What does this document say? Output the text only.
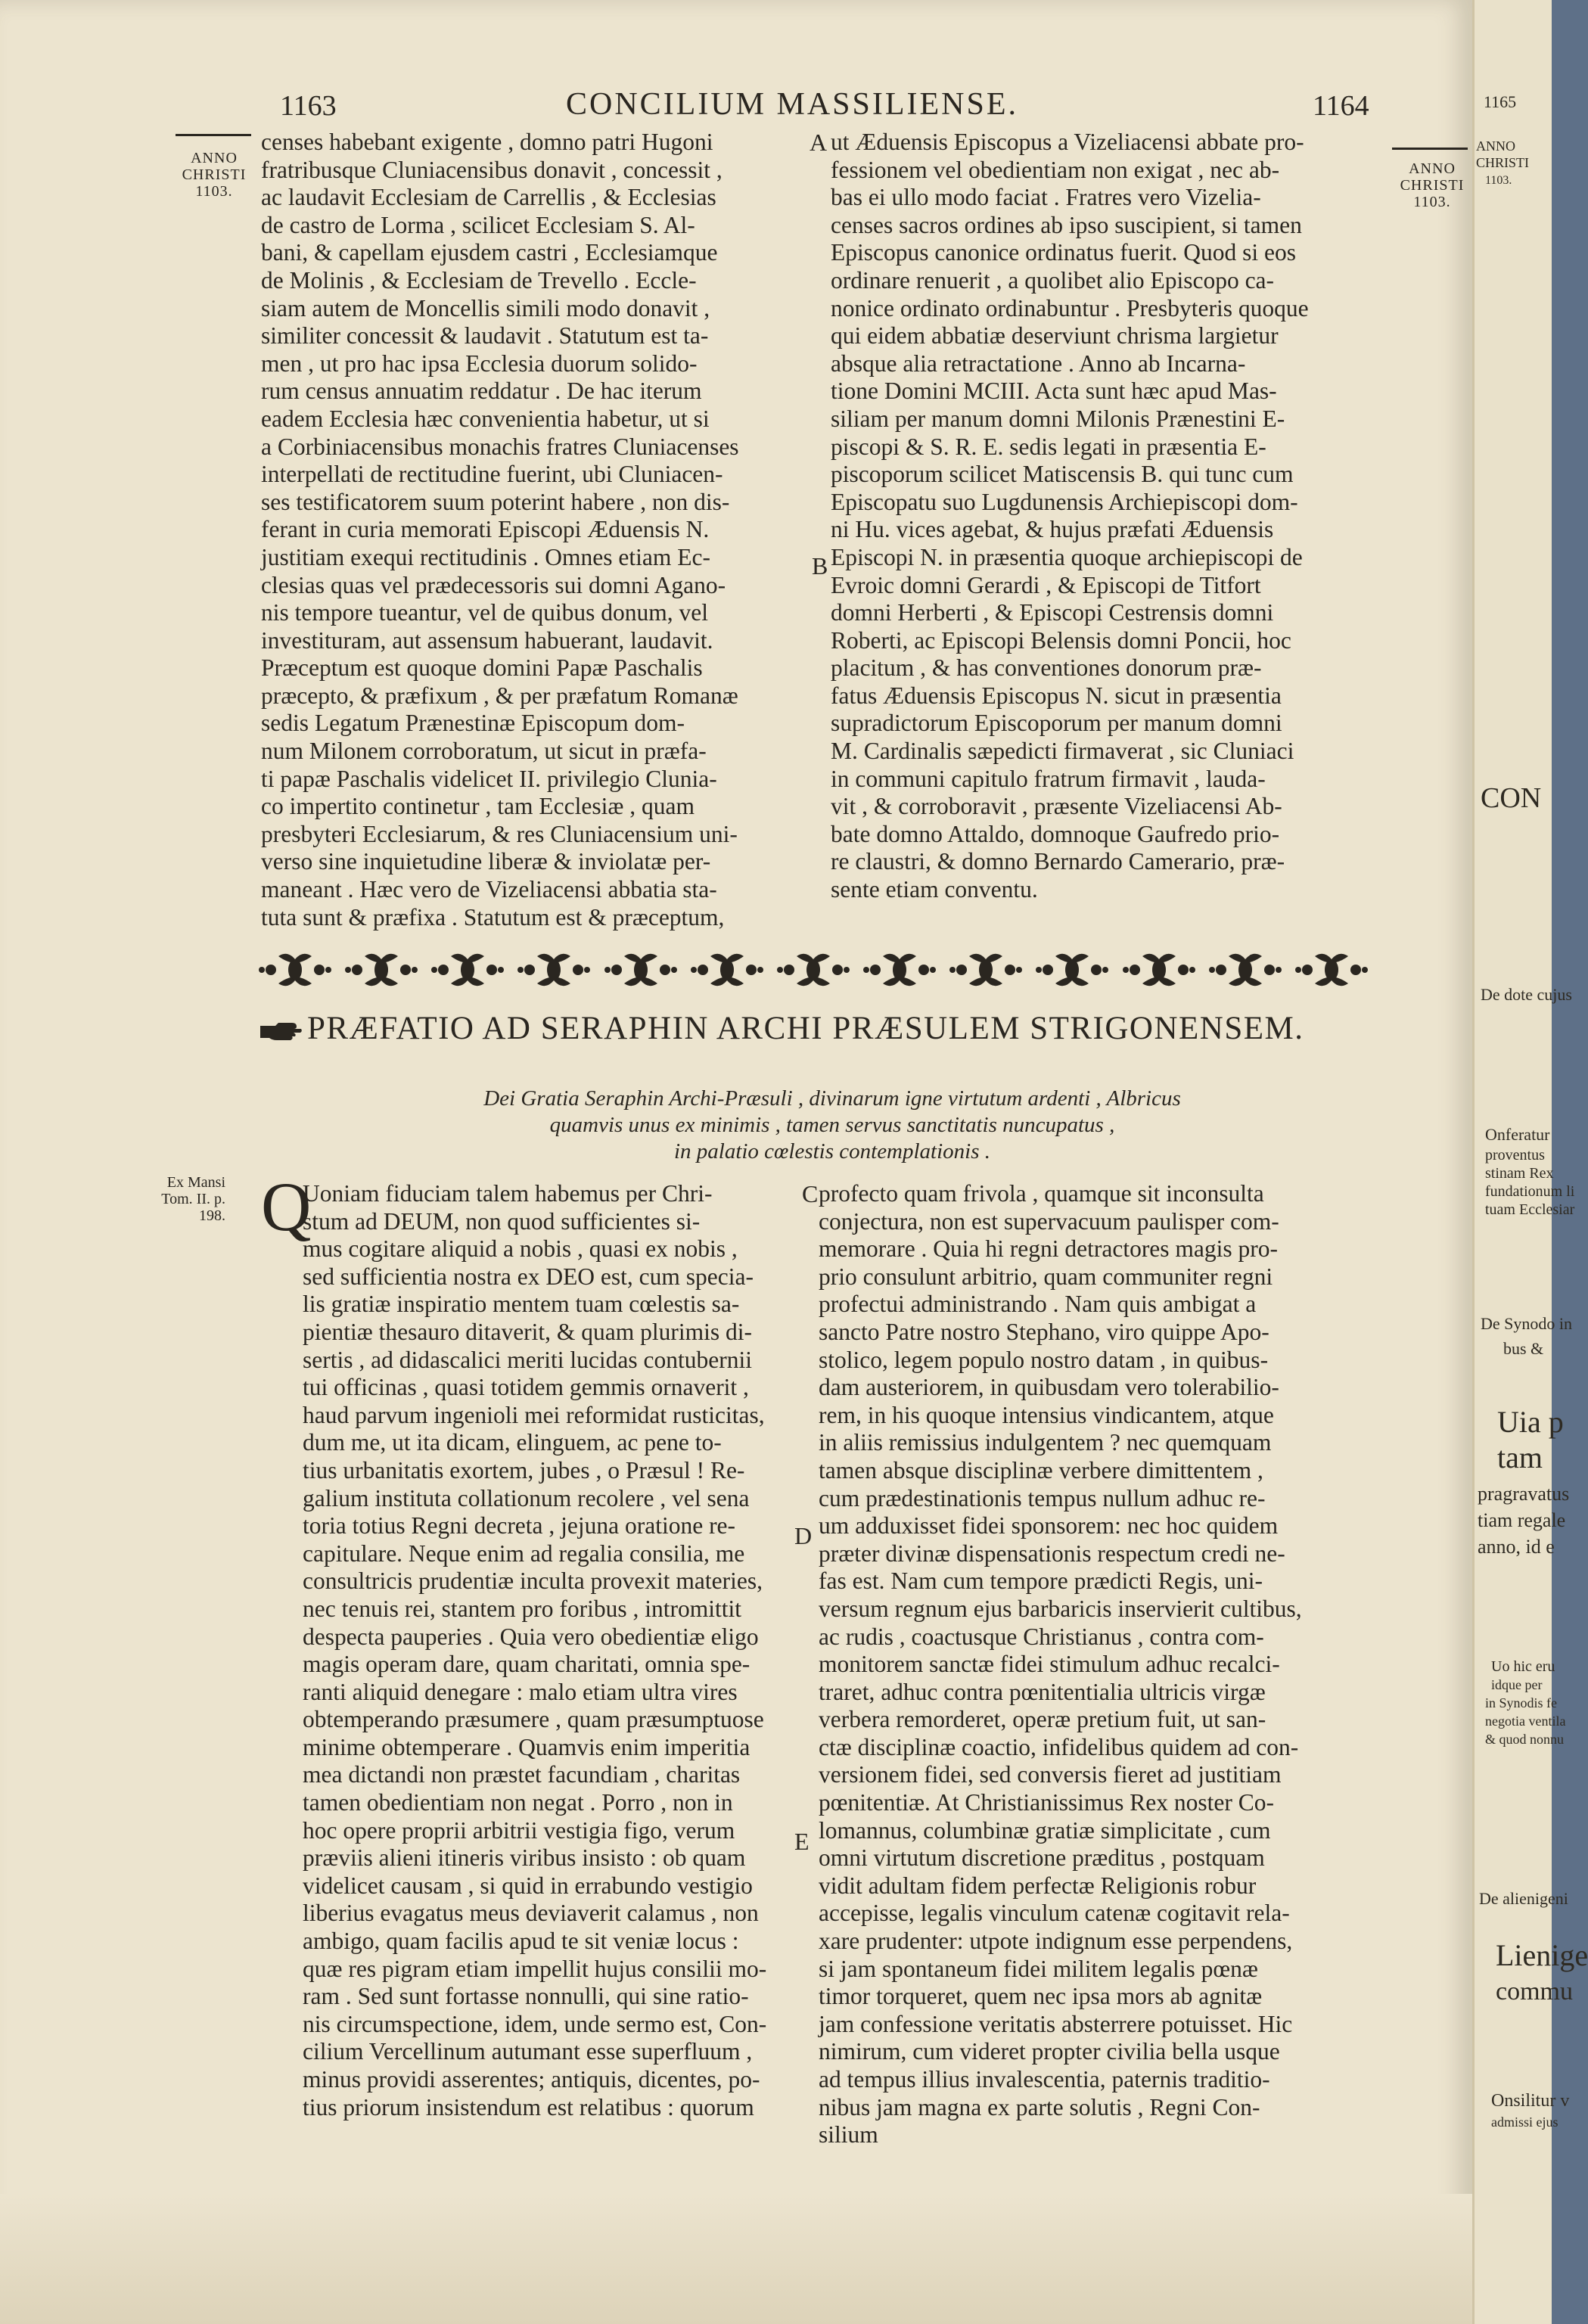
1163	CONCILIUM MASSILIENSE.	1164
ANNO
CHRISTI
1103.
ANNO
CHRISTI
1103.
censes habebant exigente , domno patri Hugoni
fratribusque Cluniacensibus donavit , concessit ,
ac laudavit Ecclesiam de Carrellis , & Ecclesias
de castro de Lorma , scilicet Ecclesiam S. Al-
bani, & capellam ejusdem castri , Ecclesiamque
de Molinis , & Ecclesiam de Trevello . Eccle-
siam autem de Moncellis simili modo donavit ,
similiter concessit & laudavit . Statutum est ta-
men , ut pro hac ipsa Ecclesia duorum solido-
rum census annuatim reddatur . De hac iterum
eadem Ecclesia hæc convenientia habetur, ut si
a Corbiniacensibus monachis fratres Cluniacenses
interpellati de rectitudine fuerint, ubi Cluniacen-
ses testificatorem suum poterint habere , non dis-
ferant in curia memorati Episcopi Æduensis N.
justitiam exequi rectitudinis . Omnes etiam Ec-
clesias quas vel prædecessoris sui domni Agano-
nis tempore tueantur, vel de quibus donum, vel
investituram, aut assensum habuerant, laudavit.
Præceptum est quoque domini Papæ Paschalis
præcepto, & præfixum , & per præfatum Romanæ
sedis Legatum Prænestinæ Episcopum dom-
num Milonem corroboratum, ut sicut in præfa-
ti papæ Paschalis videlicet II. privilegio Clunia-
co impertito continetur , tam Ecclesiæ , quam
presbyteri Ecclesiarum, & res Cluniacensium uni-
verso sine inquietudine liberæ & inviolatæ per-
maneant . Hæc vero de Vizeliacensi abbatia sta-
tuta sunt & præfixa . Statutum est & præceptum,
A
B
ut Æduensis Episcopus a Vizeliacensi abbate pro-
fessionem vel obedientiam non exigat , nec ab-
bas ei ullo modo faciat . Fratres vero Vizelia-
censes sacros ordines ab ipso suscipient, si tamen
Episcopus canonice ordinatus fuerit. Quod si eos
ordinare renuerit , a quolibet alio Episcopo ca-
nonice ordinato ordinabuntur . Presbyteris quoque
qui eidem abbatiæ deserviunt chrisma largietur
absque alia retractatione . Anno ab Incarna-
tione Domini MCIII. Acta sunt hæc apud Mas-
siliam per manum domni Milonis Prænestini E-
piscopi & S. R. E. sedis legati in præsentia E-
piscoporum scilicet Matiscensis B. qui tunc cum
Episcopatu suo Lugdunensis Archiepiscopi dom-
ni Hu. vices agebat, & hujus præfati Æduensis
Episcopi N. in præsentia quoque archiepiscopi de
Evroic domni Gerardi , & Episcopi de Titfort
domni Herberti , & Episcopi Cestrensis domni
Roberti, ac Episcopi Belensis domni Poncii, hoc
placitum , & has conventiones donorum præ-
fatus Æduensis Episcopus N. sicut in præsentia
supradictorum Episcoporum per manum domni
M. Cardinalis sæpedicti firmaverat , sic Cluniaci
in communi capitulo fratrum firmavit , lauda-
vit , & corroboravit , præsente Vizeliacensi Ab-
bate domno Attaldo, domnoque Gaufredo prio-
re claustri, & domno Bernardo Camerario, præ-
sente etiam conventu.
PRÆFATIO AD SERAPHIN ARCHI PRÆSULEM STRIGONENSEM.
Dei Gratia Seraphin Archi-Præsuli , divinarum igne virtutum ardenti , Albricus
quamvis unus ex minimis , tamen servus sanctitatis nuncupatus ,
in palatio cœlestis contemplationis .
Ex Mansi
Tom. II. p.
198. Q
Uoniam fiduciam talem habemus per Chri-
stum ad DEUM, non quod sufficientes si-
mus cogitare aliquid a nobis , quasi ex nobis ,
sed sufficientia nostra ex DEO est, cum specia-
lis gratiæ inspiratio mentem tuam cœlestis sa-
pientiæ thesauro ditaverit, & quam plurimis di-
sertis , ad didascalici meriti lucidas contubernii
tui officinas , quasi totidem gemmis ornaverit ,
haud parvum ingenioli mei reformidat rusticitas,
dum me, ut ita dicam, elinguem, ac pene to-
tius urbanitatis exortem, jubes , o Præsul ! Re-
galium instituta collationum recolere , vel sena
toria totius Regni decreta , jejuna oratione re-
capitulare. Neque enim ad regalia consilia, me
consultricis prudentiæ inculta provexit materies,
nec tenuis rei, stantem pro foribus , intromittit
despecta pauperies . Quia vero obedientiæ eligo
magis operam dare, quam charitati, omnia spe-
ranti aliquid denegare : malo etiam ultra vires
obtemperando præsumere , quam præsumptuose
minime obtemperare . Quamvis enim imperitia
mea dictandi non præstet facundiam , charitas
tamen obedientiam non negat . Porro , non in
hoc opere proprii arbitrii vestigia figo, verum
præviis alieni itineris viribus insisto : ob quam
videlicet causam , si quid in errabundo vestigio
liberius evagatus meus deviaverit calamus , non
ambigo, quam facilis apud te sit veniæ locus :
quæ res pigram etiam impellit hujus consilii mo-
ram . Sed sunt fortasse nonnulli, qui sine ratio-
nis circumspectione, idem, unde sermo est, Con-
cilium Vercellinum autumant esse superfluum ,
minus providi asserentes; antiquis, dicentes, po-
tius priorum insistendum est relatibus : quorum
C
D
E
profecto quam frivola , quamque sit inconsulta
conjectura, non est supervacuum paulisper com-
memorare . Quia hi regni detractores magis pro-
prio consulunt arbitrio, quam communiter regni
profectui administrando . Nam quis ambigat a
sancto Patre nostro Stephano, viro quippe Apo-
stolico, legem populo nostro datam , in quibus-
dam austeriorem, in quibusdam vero tolerabilio-
rem, in his quoque intensius vindicantem, atque
in aliis remissius indulgentem ? nec quemquam
tamen absque disciplinæ verbere dimittentem ,
cum prædestinationis tempus nullum adhuc re-
um adduxisset fidei sponsorem: nec hoc quidem
præter divinæ dispensationis respectum credi ne-
fas est. Nam cum tempore prædicti Regis, uni-
versum regnum ejus barbaricis inservierit cultibus,
ac rudis , coactusque Christianus , contra com-
monitorem sanctæ fidei stimulum adhuc recalci-
traret, adhuc contra pœnitentialia ultricis virgæ
verbera remorderet, operæ pretium fuit, ut san-
ctæ disciplinæ coactio, infidelibus quidem ad con-
versionem fidei, sed conversis fieret ad justitiam
pœnitentiæ. At Christianissimus Rex noster Co-
lomannus, columbinæ gratiæ simplicitate , cum
omni virtutum discretione præditus , postquam
vidit adultam fidem perfectæ Religionis robur
accepisse, legalis vinculum catenæ cogitavit rela-
xare prudenter: utpote indignum esse perpendens,
si jam spontaneum fidei militem legalis pœnæ
timor torqueret, quem nec ipsa mors ab agnitæ
jam confessione veritatis absterrere potuisset. Hic
nimirum, cum videret propter civilia bella usque
ad tempus illius invalescentia, paternis traditio-
nibus jam magna ex parte solutis , Regni Con-
silium
1165
ANNO
CHRISTI
1103.
CON
De dote cujus
Onferatur
proventus
stinam Rex
fundationum li
tuam Ecclesiar
De Synodo in
bus &
Uia p
tam
pragravatus
tiam regale
anno, id e
Uo hic eru
idque per
in Synodis fe
negotia ventila
& quod nonnu
De alienigeni
Lienige
commu
Onsilitur v
admissi ejus
